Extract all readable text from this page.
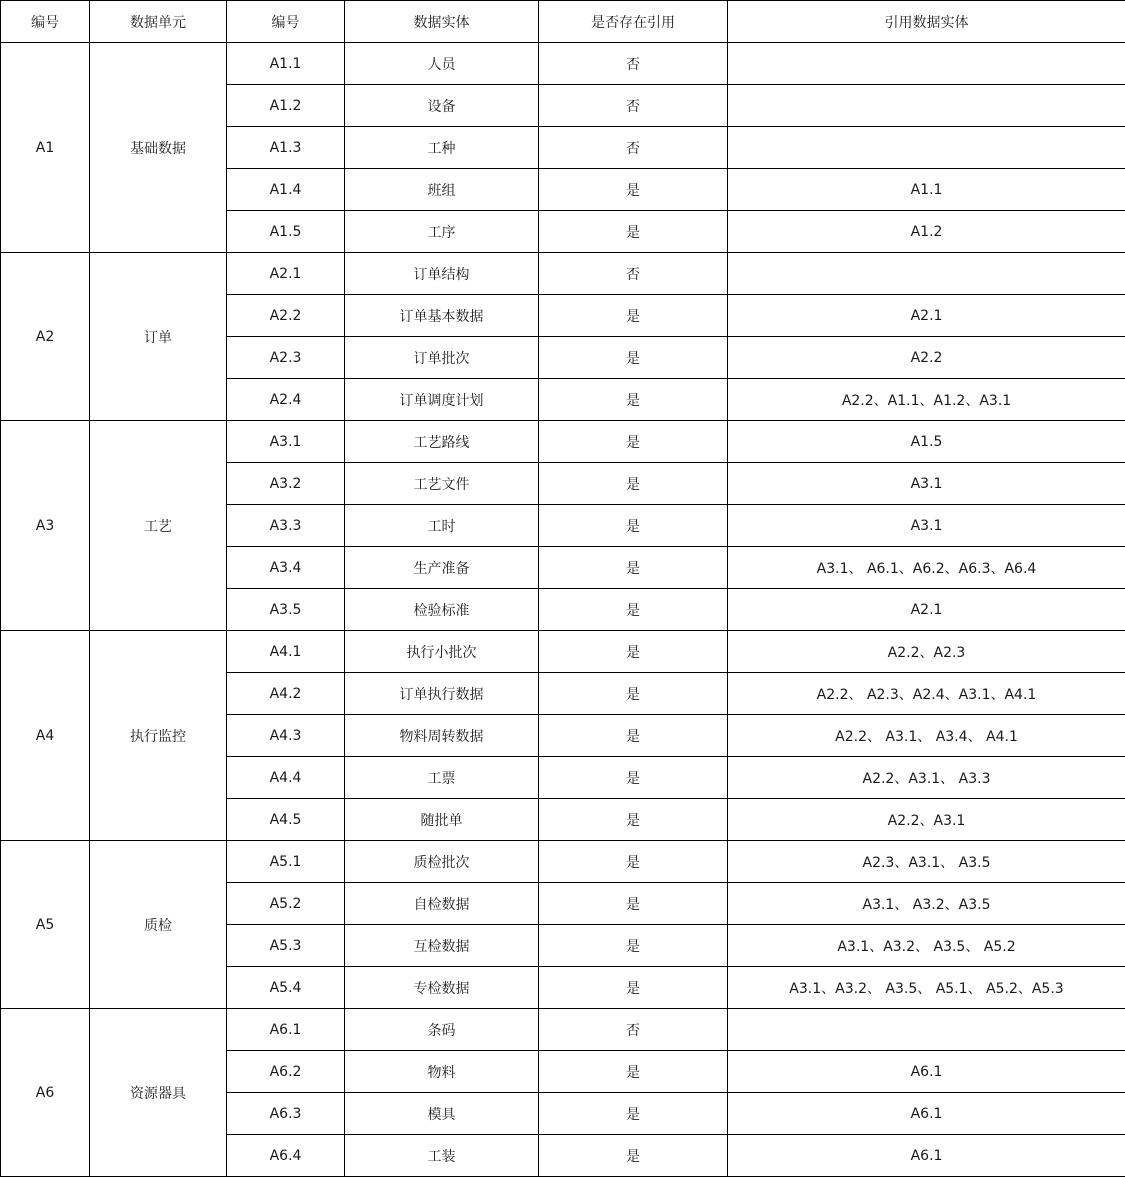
编号	数据单元	编号	数据实体	是否存在引用	引用数据实体
A1	基础数据	A1.1	人员	否	
		A1.2	设备	否	
		A1.3	工种	否	
		A1.4	班组	是	A1.1
		A1.5	工序	是	A1.2
A2	订单	A2.1	订单结构	否	
		A2.2	订单基本数据	是	A2.1
		A2.3	订单批次	是	A2.2
		A2.4	订单调度计划	是	A2.2、A1.1、A1.2、A3.1
A3	工艺	A3.1	工艺路线	是	A1.5
		A3.2	工艺文件	是	A3.1
		A3.3	工时	是	A3.1
		A3.4	生产准备	是	A3.1、 A6.1、A6.2、A6.3、A6.4
		A3.5	检验标准	是	A2.1
A4	执行监控	A4.1	执行小批次	是	A2.2、A2.3
		A4.2	订单执行数据	是	A2.2、 A2.3、A2.4、A3.1、A4.1
		A4.3	物料周转数据	是	A2.2、 A3.1、 A3.4、 A4.1
		A4.4	工票	是	A2.2、A3.1、 A3.3
		A4.5	随批单	是	A2.2、A3.1
A5	质检	A5.1	质检批次	是	A2.3、A3.1、 A3.5
		A5.2	自检数据	是	A3.1、 A3.2、A3.5
		A5.3	互检数据	是	A3.1、A3.2、 A3.5、 A5.2
		A5.4	专检数据	是	A3.1、A3.2、 A3.5、 A5.1、 A5.2、A5.3
A6	资源器具	A6.1	条码	否	
		A6.2	物料	是	A6.1
		A6.3	模具	是	A6.1
		A6.4	工装	是	A6.1
